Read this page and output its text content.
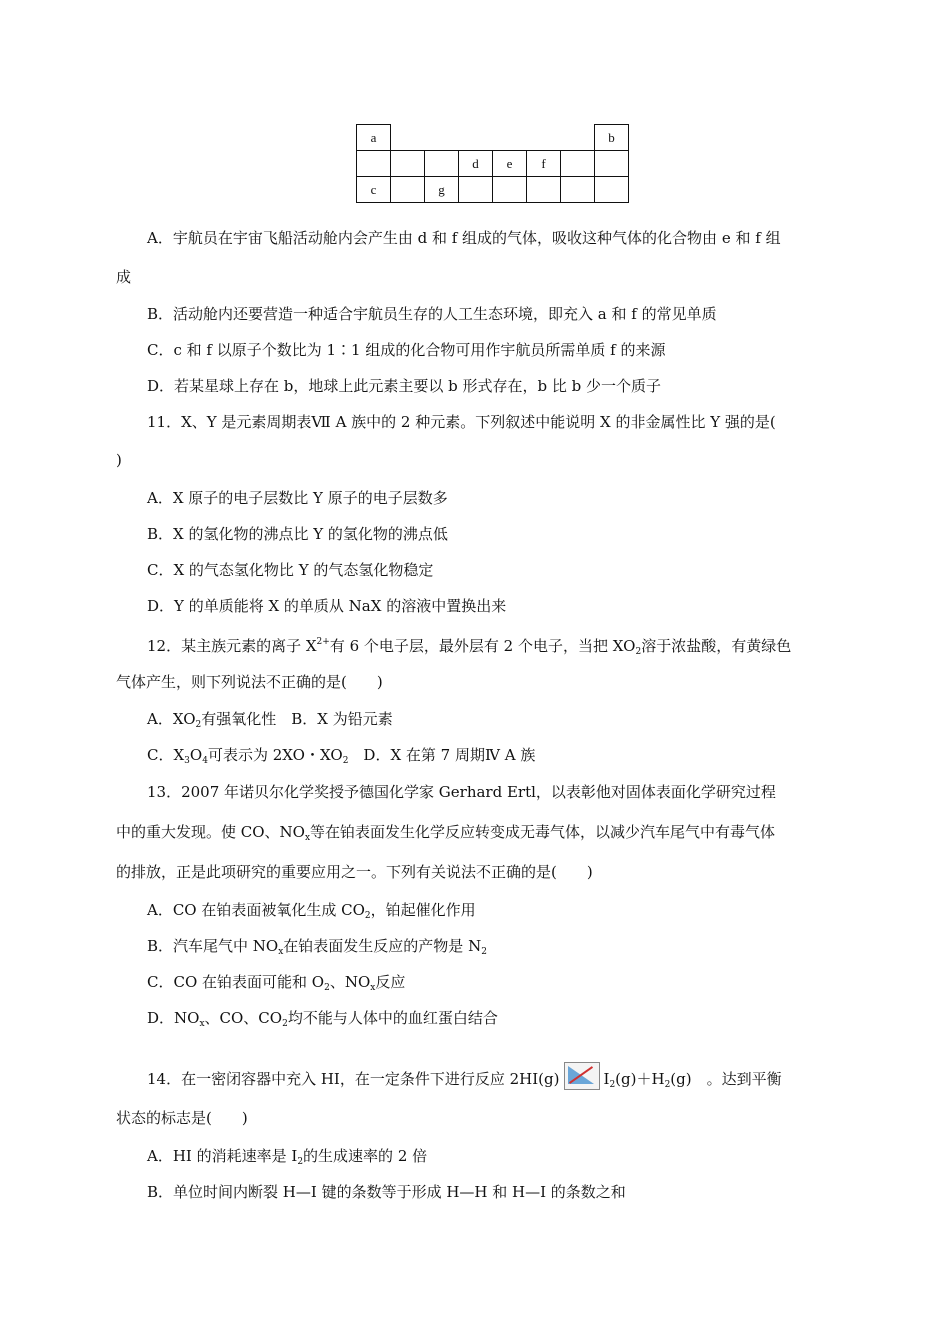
a							b
			d	e	f		
c		g					
A．宇航员在宇宙飞船活动舱内会产生由 d 和 f 组成的气体，吸收这种气体的化合物由 e 和 f 组
成
B．活动舱内还要营造一种适合宇航员生存的人工生态环境，即充入 a 和 f 的常见单质
C．c 和 f 以原子个数比为 1∶1 组成的化合物可用作宇航员所需单质 f 的来源
D．若某星球上存在 b，地球上此元素主要以 b 形式存在，b 比 b 少一个质子
11．X、Y 是元素周期表Ⅶ A 族中的 2 种元素。下列叙述中能说明 X 的非金属性比 Y 强的是(
)
A．X 原子的电子层数比 Y 原子的电子层数多
B．X 的氢化物的沸点比 Y 的氢化物的沸点低
C．X 的气态氢化物比 Y 的气态氢化物稳定
D．Y 的单质能将 X 的单质从 NaX 的溶液中置换出来
12．某主族元素的离子 $X^{2+}$有 6 个电子层，最外层有 2 个电子，当把 $XO_2$溶于浓盐酸，有黄绿色
气体产生，则下列说法不正确的是(　　)
A．$XO_2$有强氧化性　B．X 为铅元素
C．$X_3O_4$可表示为 2XO・$XO_2$　D．X 在第 7 周期Ⅳ A 族
13．2007 年诺贝尔化学奖授予德国化学家 Gerhard Ertl，以表彰他对固体表面化学研究过程
中的重大发现。使 CO、$NO_x$等在铂表面发生化学反应转变成无毒气体，以减少汽车尾气中有毒气体
的排放，正是此项研究的重要应用之一。下列有关说法不正确的是(　　)
A．CO 在铂表面被氧化生成 $CO_2$，铂起催化作用
B．汽车尾气中 $NO_x$在铂表面发生反应的产物是 $N_2$
C．CO 在铂表面可能和 $O_2$、$NO_x$反应
D．$NO_x$、CO、$CO_2$均不能与人体中的血红蛋白结合
14．在一密闭容器中充入 HI，在一定条件下进行反应 2HI(g)	$I_2(g)+H_2(g)$　。达到平衡
状态的标志是(　　)
A．HI 的消耗速率是 $I_2$的生成速率的 2 倍
B．单位时间内断裂 H—I 键的条数等于形成 H—H 和 H—I 的条数之和
